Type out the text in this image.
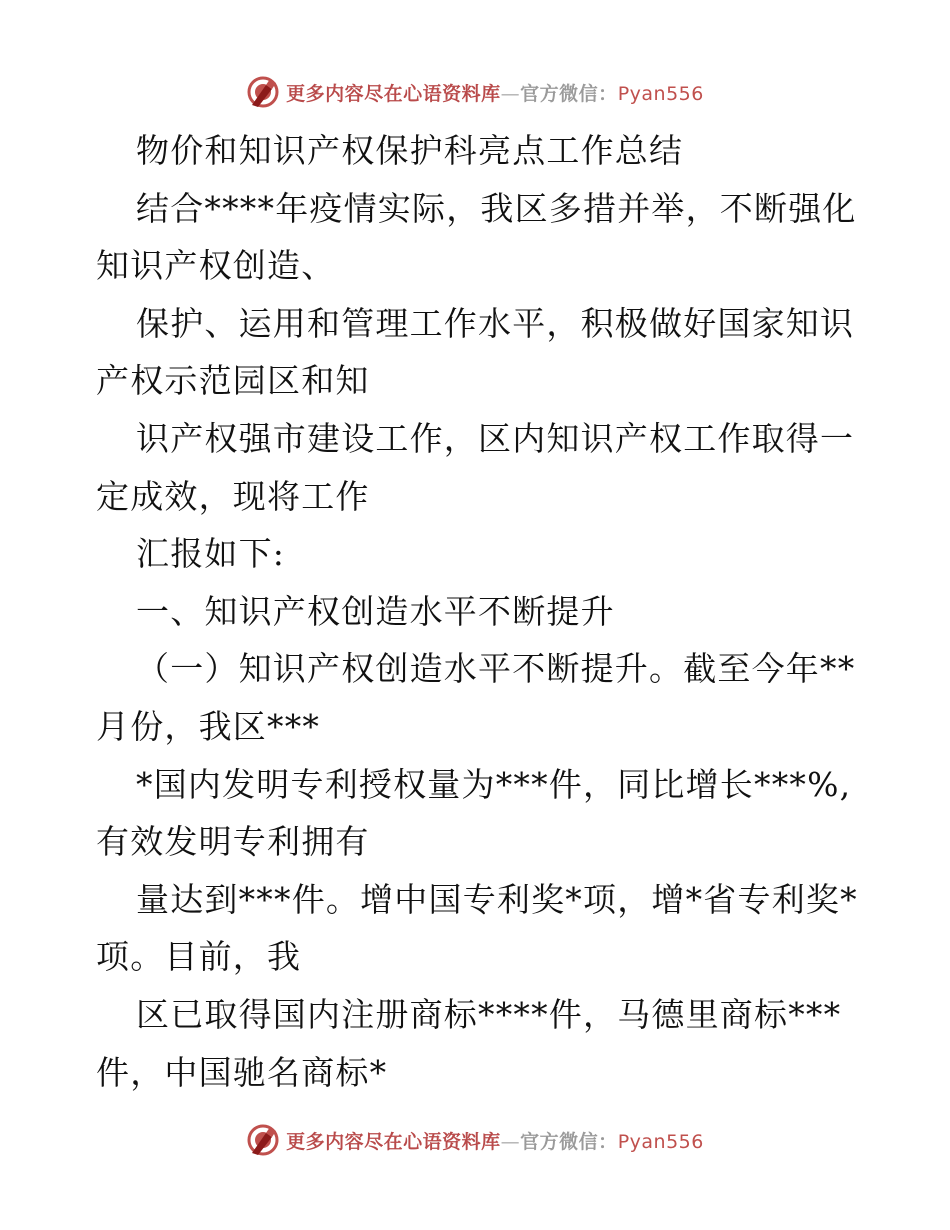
更多内容尽在心语资料库—官方微信：Pyan556
物价和知识产权保护科亮点工作总结
结合****年疫情实际，我区多措并举，不断强化
知识产权创造、
保护、运用和管理工作水平，积极做好国家知识
产权示范园区和知
识产权强市建设工作，区内知识产权工作取得一
定成效，现将工作
汇报如下:
一、知识产权创造水平不断提升
（一）知识产权创造水平不断提升。截至今年**
月份，我区***
*国内发明专利授权量为***件，同比增长***%,
有效发明专利拥有
量达到***件。增中国专利奖*项，增*省专利奖*
项。目前，我
区已取得国内注册商标****件，马德里商标***
件，中国驰名商标*
更多内容尽在心语资料库—官方微信：Pyan556
